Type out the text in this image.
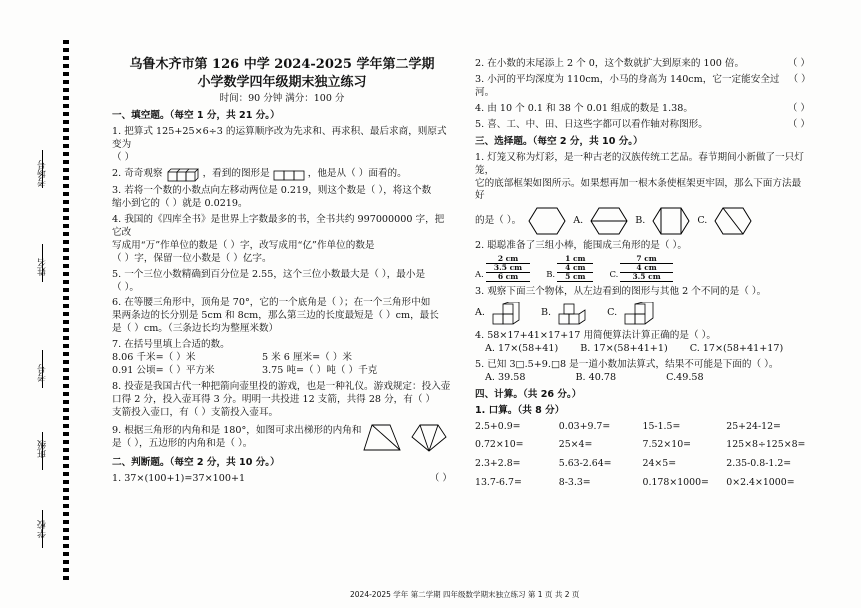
考场号
姓名
考号
班级
学校

乌鲁木齐市第 126 中学 2024-2025 学年第二学期

小学数学四年级期末独立练习

时间：90 分钟 满分：100 分

一、填空题。（每空 1 分，共 21 分。）
1. 把算式 125+25×6÷3 的运算顺序改为先求和、再求积、最后求商，则原式变为
（ ）
2. 奇奇观察	，看到的图形是	，他是从（ ）面看的。
3. 若将一个数的小数点向左移动两位是 0.219，则这个数是（ ），将这个数
缩小到它的（ ）就是 0.0219。
4. 我国的《四库全书》是世界上字数最多的书，全书共约 997000000 字，把它改
写成用“万”作单位的数是（ ）字，改写成用“亿”作单位的数是
（ ）字，保留一位小数是（ ）亿字。
5. 一个三位小数精确到百分位是 2.55，这个三位小数最大是（ ），最小是
（ ）。
6. 在等腰三角形中，顶角是 70°，它的一个底角是（ ）；在一个三角形中如
果两条边的长分别是 5cm 和 8cm，那么第三边的长度最短是（ ）cm，最长
是（ ）cm。（三条边长均为整厘米数）
7. 在括号里填上合适的数。
8.06 千米=（ ）米	5 米 6 厘米=（ ）米
0.91 公顷=（ ）平方米	3.75 吨=（ ）吨（ ）千克
8. 投壶是我国古代一种把箭向壶里投的游戏，也是一种礼仪。游戏规定：投入壶
口得 2 分，投入壶耳得 3 分。明明一共投进 12 支箭，共得 28 分，有（ ）
支箭投入壶口，有（ ）支箭投入壶耳。
9. 根据三角形的内角和是 180°，如图可求出梯形的内角和
是（ ），五边形的内角和是（ ）。
二、判断题。（每空 2 分，共 10 分。）
1. 37×(100+1)=37×100+1	（ ）
2. 在小数的末尾添上 2 个 0，这个数就扩大到原来的 100 倍。	（ ）
3. 小河的平均深度为 110cm，小马的身高为 140cm，它一定能安全过河。
（ ）
4. 由 10 个 0.1 和 38 个 0.01 组成的数是 1.38。	（ ）
5. 喜、工、中、田、日这些字都可以看作轴对称图形。	（ ）
三、选择题。（每空 2 分，共 10 分。）
1. 灯笼又称为灯彩，是一种古老的汉族传统工艺品。春节期间小新做了一只灯笼，
它的底部框架如图所示。如果想再加一根木条使框架更牢固，那么下面方法最好
的是（ ）。	A.	B.	C.
2. 聪聪准备了三组小棒，能围成三角形的是（ ）。
A.
2 cm
3.5 cm
6 cm	B.
1 cm
4 cm
5 cm	C.
7 cm
4 cm
3.5 cm
3. 观察下面三个物体，从左边看到的图形与其他 2 个不同的是（ ）。
A.	B.	C.
4. 58×17+41×17+17 用简便算法计算正确的是（ ）。
A. 17×(58+41) B. 17×(58+41+1) C. 17×(58+41+17)
5. 已知 3□.5+9.□8 是一道小数加法算式，结果不可能是下面的（ ）。
A. 39.58	B. 40.78	C.49.58
四、计算。（共 26 分。）
1. 口算。（共 8 分）
2.5+0.9=	0.03+9.7=	15-1.5=	25+24-12=
0.72×10=	25×4=	7.52×10=	125×8÷125×8=
2.3+2.8=	5.63-2.64=	24×5=	2.35-0.8-1.2=
13.7-6.7=	8-3.3=	0.178×1000=	0×2.4×1000=
2024-2025 学年 第二学期 四年级数学期末独立练习 第 1 页 共 2 页
